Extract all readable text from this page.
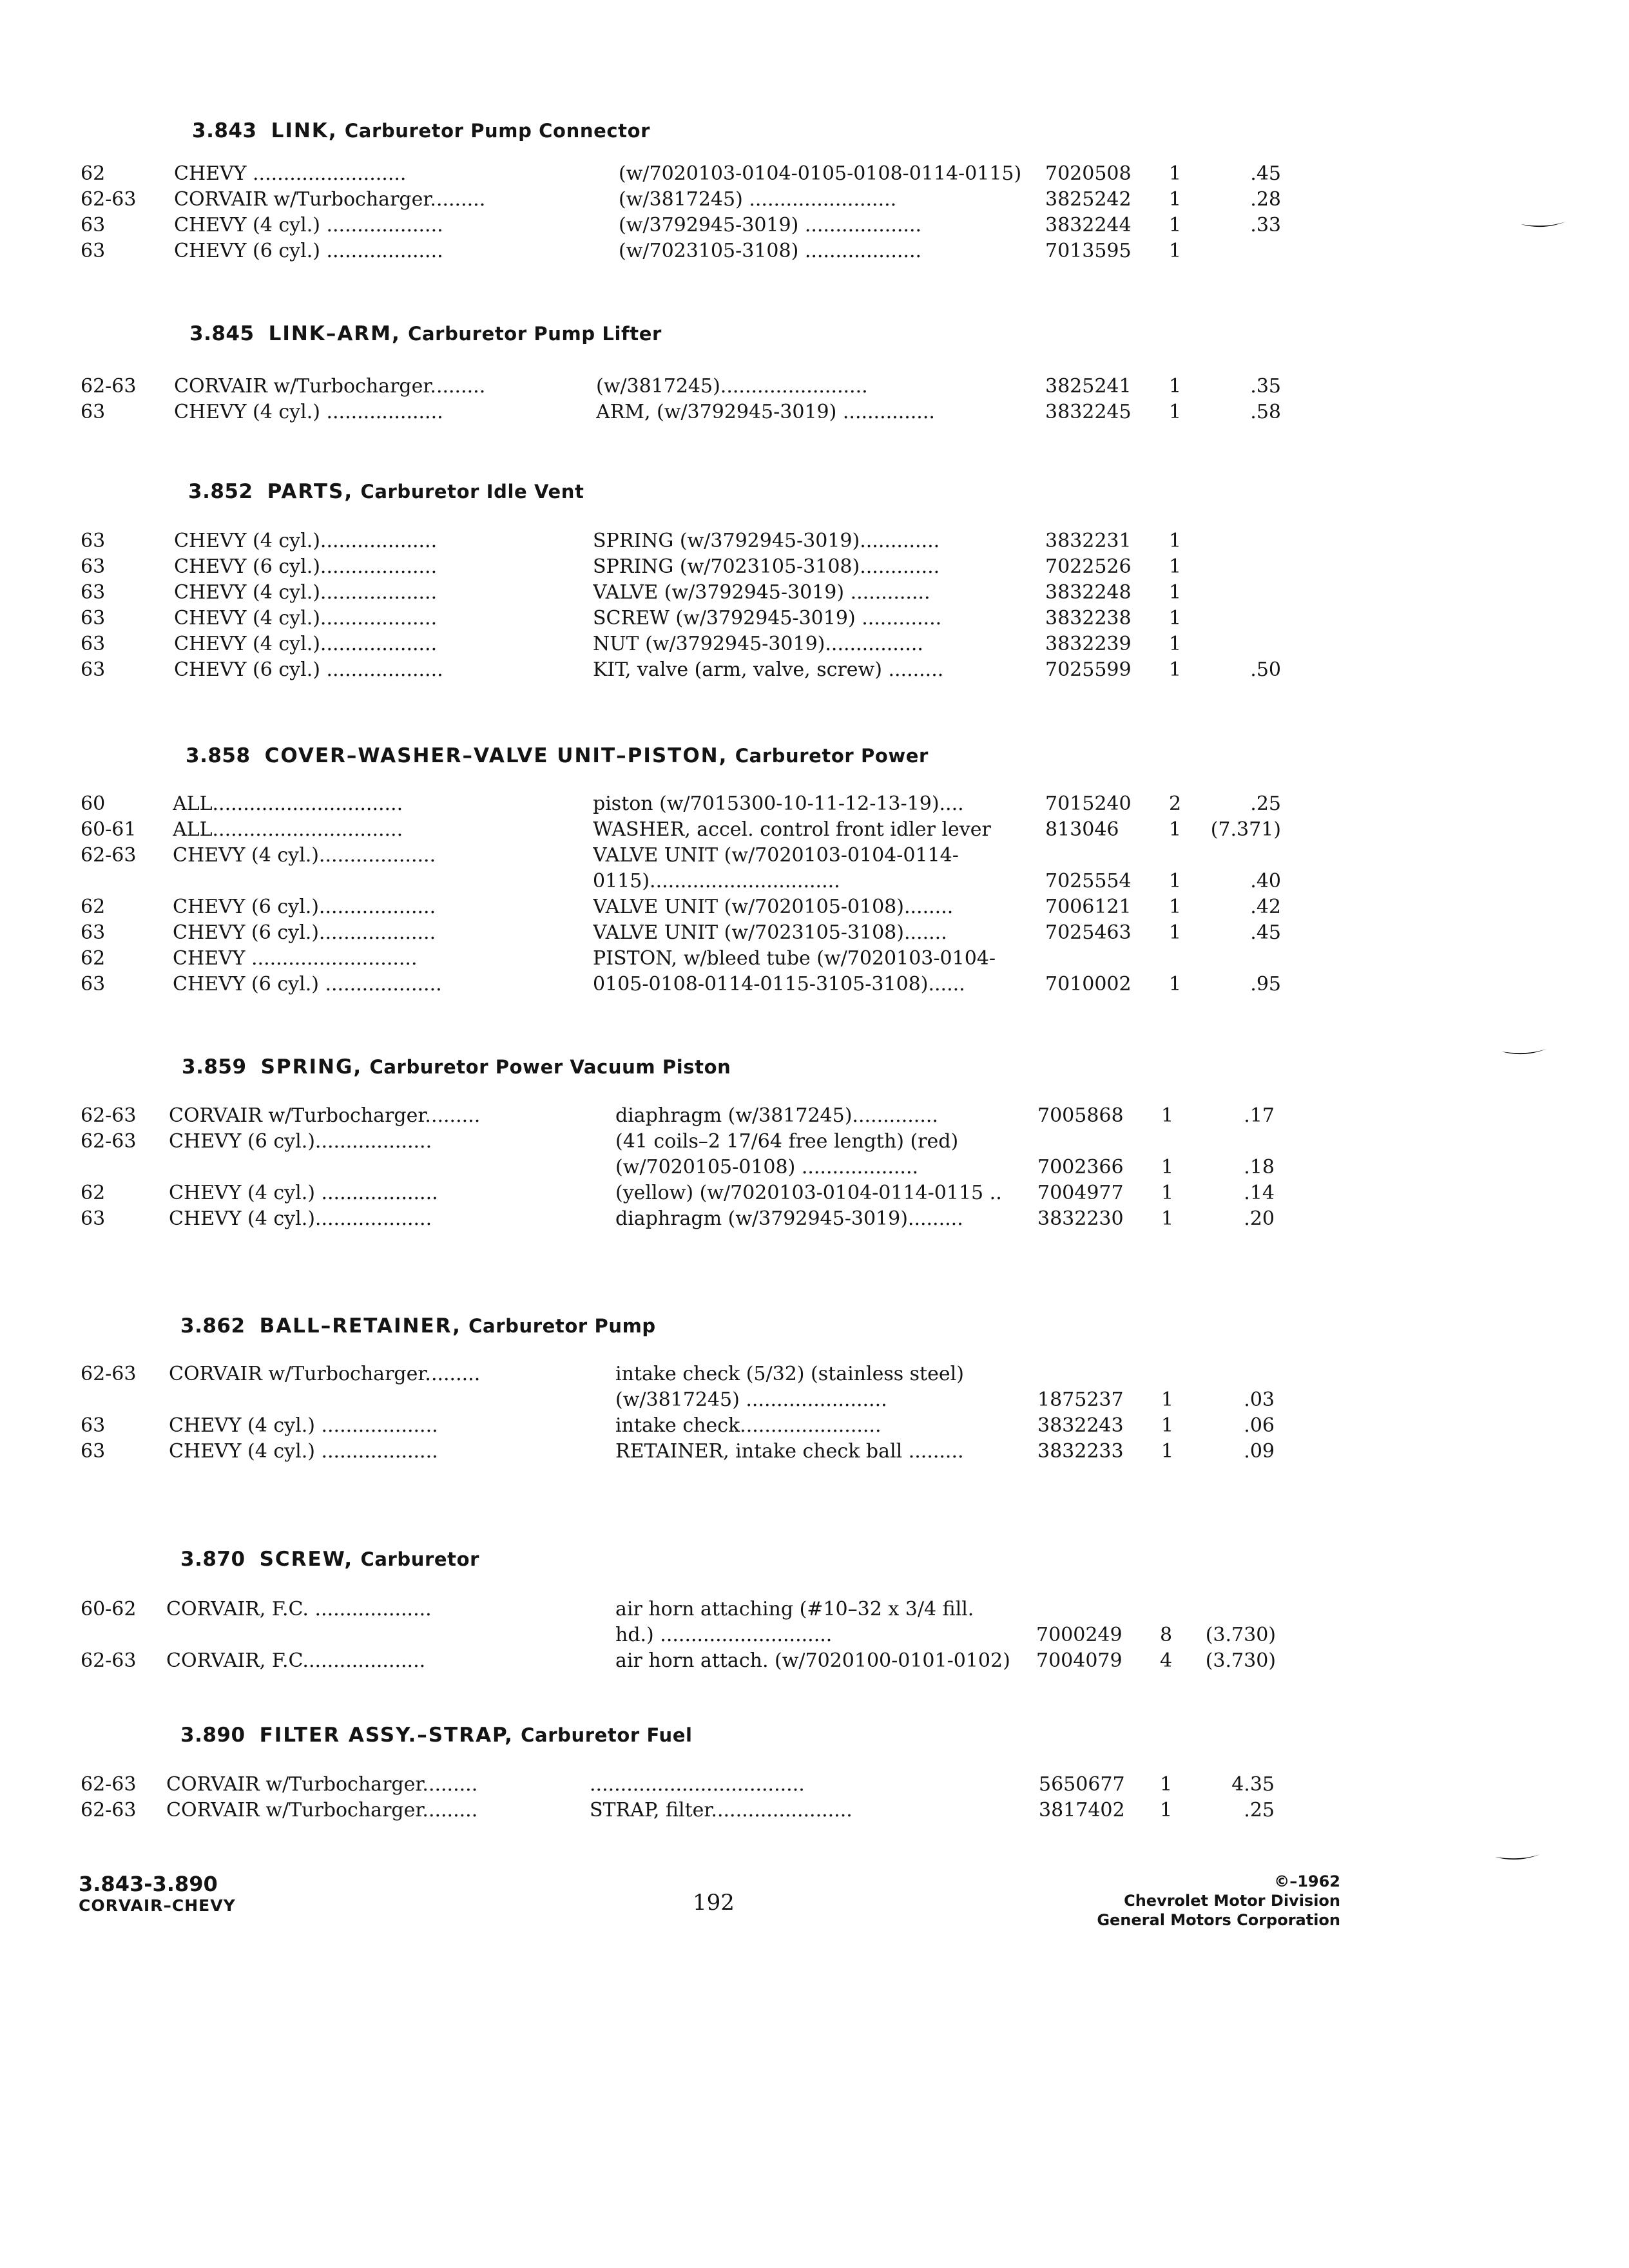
3.843 LINK, Carburetor Pump Connector
62	CHEVY .........................	(w/7020103-0104-0105-0108-0114-0115)	7020508 1	.45
62-63 CORVAIR w/Turbocharger.........	(w/3817245) ........................	3825242 1	.28
63	CHEVY (4 cyl.) ...................	(w/3792945-3019) ...................	3832244 1	.33
63	CHEVY (6 cyl.) ...................	(w/7023105-3108) ...................	7013595 1
3.845 LINK–ARM, Carburetor Pump Lifter
62-63 CORVAIR w/Turbocharger.........	(w/3817245)........................	3825241 1	.35
63	CHEVY (4 cyl.) ...................	ARM, (w/3792945-3019) ...............	3832245 1	.58
3.852 PARTS, Carburetor Idle Vent
63	CHEVY (4 cyl.)...................	SPRING (w/3792945-3019).............	3832231 1
63	CHEVY (6 cyl.)...................	SPRING (w/7023105-3108).............	7022526 1
63	CHEVY (4 cyl.)...................	VALVE (w/3792945-3019) .............	3832248 1
63	CHEVY (4 cyl.)...................	SCREW (w/3792945-3019) .............	3832238 1
63	CHEVY (4 cyl.)...................	NUT (w/3792945-3019)................	3832239 1
63	CHEVY (6 cyl.) ...................	KIT, valve (arm, valve, screw) .........	7025599 1	.50
3.858 COVER–WASHER–VALVE UNIT–PISTON, Carburetor Power
60	ALL...............................	piston (w/7015300-10-11-12-13-19)....	7015240 2	.25
60-61 ALL...............................	WASHER, accel. control front idler lever	813046	1	(7.371)
62-63 CHEVY (4 cyl.)...................	VALVE UNIT (w/7020103-0104-0114-
0115)...............................	7025554 1	.40
62	CHEVY (6 cyl.)...................	VALVE UNIT (w/7020105-0108)........	7006121 1	.42
63	CHEVY (6 cyl.)...................	VALVE UNIT (w/7023105-3108).......	7025463 1	.45
62	CHEVY ...........................	PISTON, w/bleed tube (w/7020103-0104-
63	CHEVY (6 cyl.) ...................	0105-0108-0114-0115-3105-3108)......	7010002 1	.95
3.859 SPRING, Carburetor Power Vacuum Piston
62-63 CORVAIR w/Turbocharger.........	diaphragm (w/3817245)..............	7005868 1	.17
62-63 CHEVY (6 cyl.)...................	(41 coils–2 17/64 free length) (red)
(w/7020105-0108) ...................	7002366 1	.18
62	CHEVY (4 cyl.) ...................	(yellow) (w/7020103-0104-0114-0115 ..	7004977 1	.14
63	CHEVY (4 cyl.)...................	diaphragm (w/3792945-3019).........	3832230 1	.20
3.862 BALL–RETAINER, Carburetor Pump
62-63 CORVAIR w/Turbocharger.........	intake check (5/32) (stainless steel)
(w/3817245) .......................	1875237 1	.03
63	CHEVY (4 cyl.) ...................	intake check.......................	3832243 1	.06
63	CHEVY (4 cyl.) ...................	RETAINER, intake check ball .........	3832233 1	.09
3.870 SCREW, Carburetor
60-62 CORVAIR, F.C. ...................	air horn attaching (#10–32 x 3/4 fill.
hd.) ............................	7000249 8	(3.730)
62-63 CORVAIR, F.C....................	air horn attach. (w/7020100-0101-0102)	7004079 4	(3.730)
3.890 FILTER ASSY.–STRAP, Carburetor Fuel
62-63 CORVAIR w/Turbocharger.........	...................................	5650677 1	4.35
62-63 CORVAIR w/Turbocharger.........	STRAP, filter.......................	3817402 1	.25
3.843-3.890
CORVAIR–CHEVY	192
©–1962
Chevrolet Motor Division
General Motors Corporation
